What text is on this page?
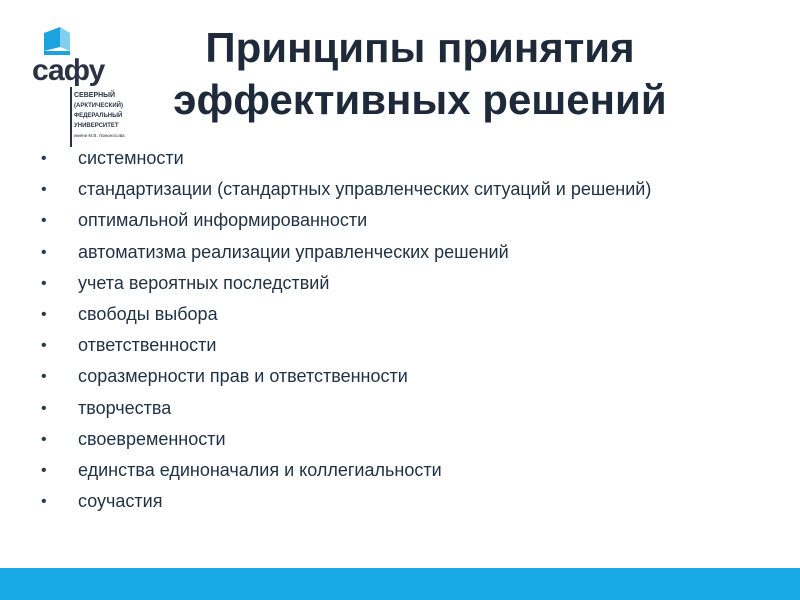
сафу
СЕВЕРНЫЙ
(АРКТИЧЕСКИЙ)
ФЕДЕРАЛЬНЫЙ
УНИВЕРСИТЕТ
имени М.В. Ломоносова
Принципы принятия
эффективных решений
• системности
• стандартизации (стандартных управленческих ситуаций и решений)
• оптимальной информированности
• автоматизма реализации управленческих решений
• учета вероятных последствий
• свободы выбора
• ответственности
• соразмерности прав и ответственности
• творчества
• своевременности
• единства единоначалия и коллегиальности
• соучастия
